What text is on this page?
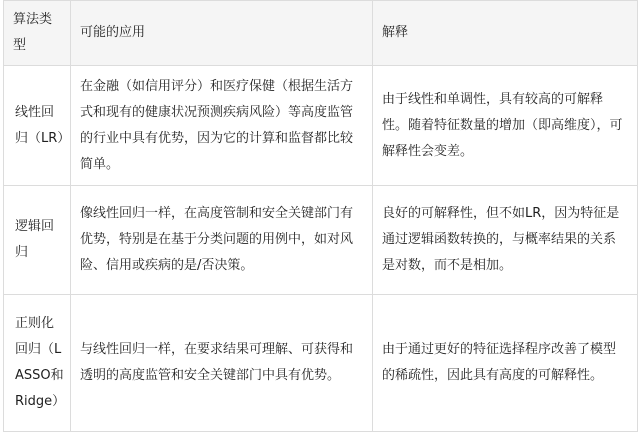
算法类型	可能的应用	解释
线性回归（LR）	在金融（如信用评分）和医疗保健（根据生活方式和现有的健康状况预测疾病风险）等高度监管的行业中具有优势，因为它的计算和监督都比较简单。	由于线性和单调性，具有较高的可解释性。随着特征数量的增加（即高维度），可解释性会变差。
逻辑回归	像线性回归一样，在高度管制和安全关键部门有优势，特别是在基于分类问题的用例中，如对风险、信用或疾病的是/否决策。	良好的可解释性，但不如LR，因为特征是通过逻辑函数转换的，与概率结果的关系是对数，而不是相加。
正则化回归（LASSO和Ridge）	与线性回归一样，在要求结果可理解、可获得和透明的高度监管和安全关键部门中具有优势。	由于通过更好的特征选择程序改善了模型的稀疏性，因此具有高度的可解释性。
